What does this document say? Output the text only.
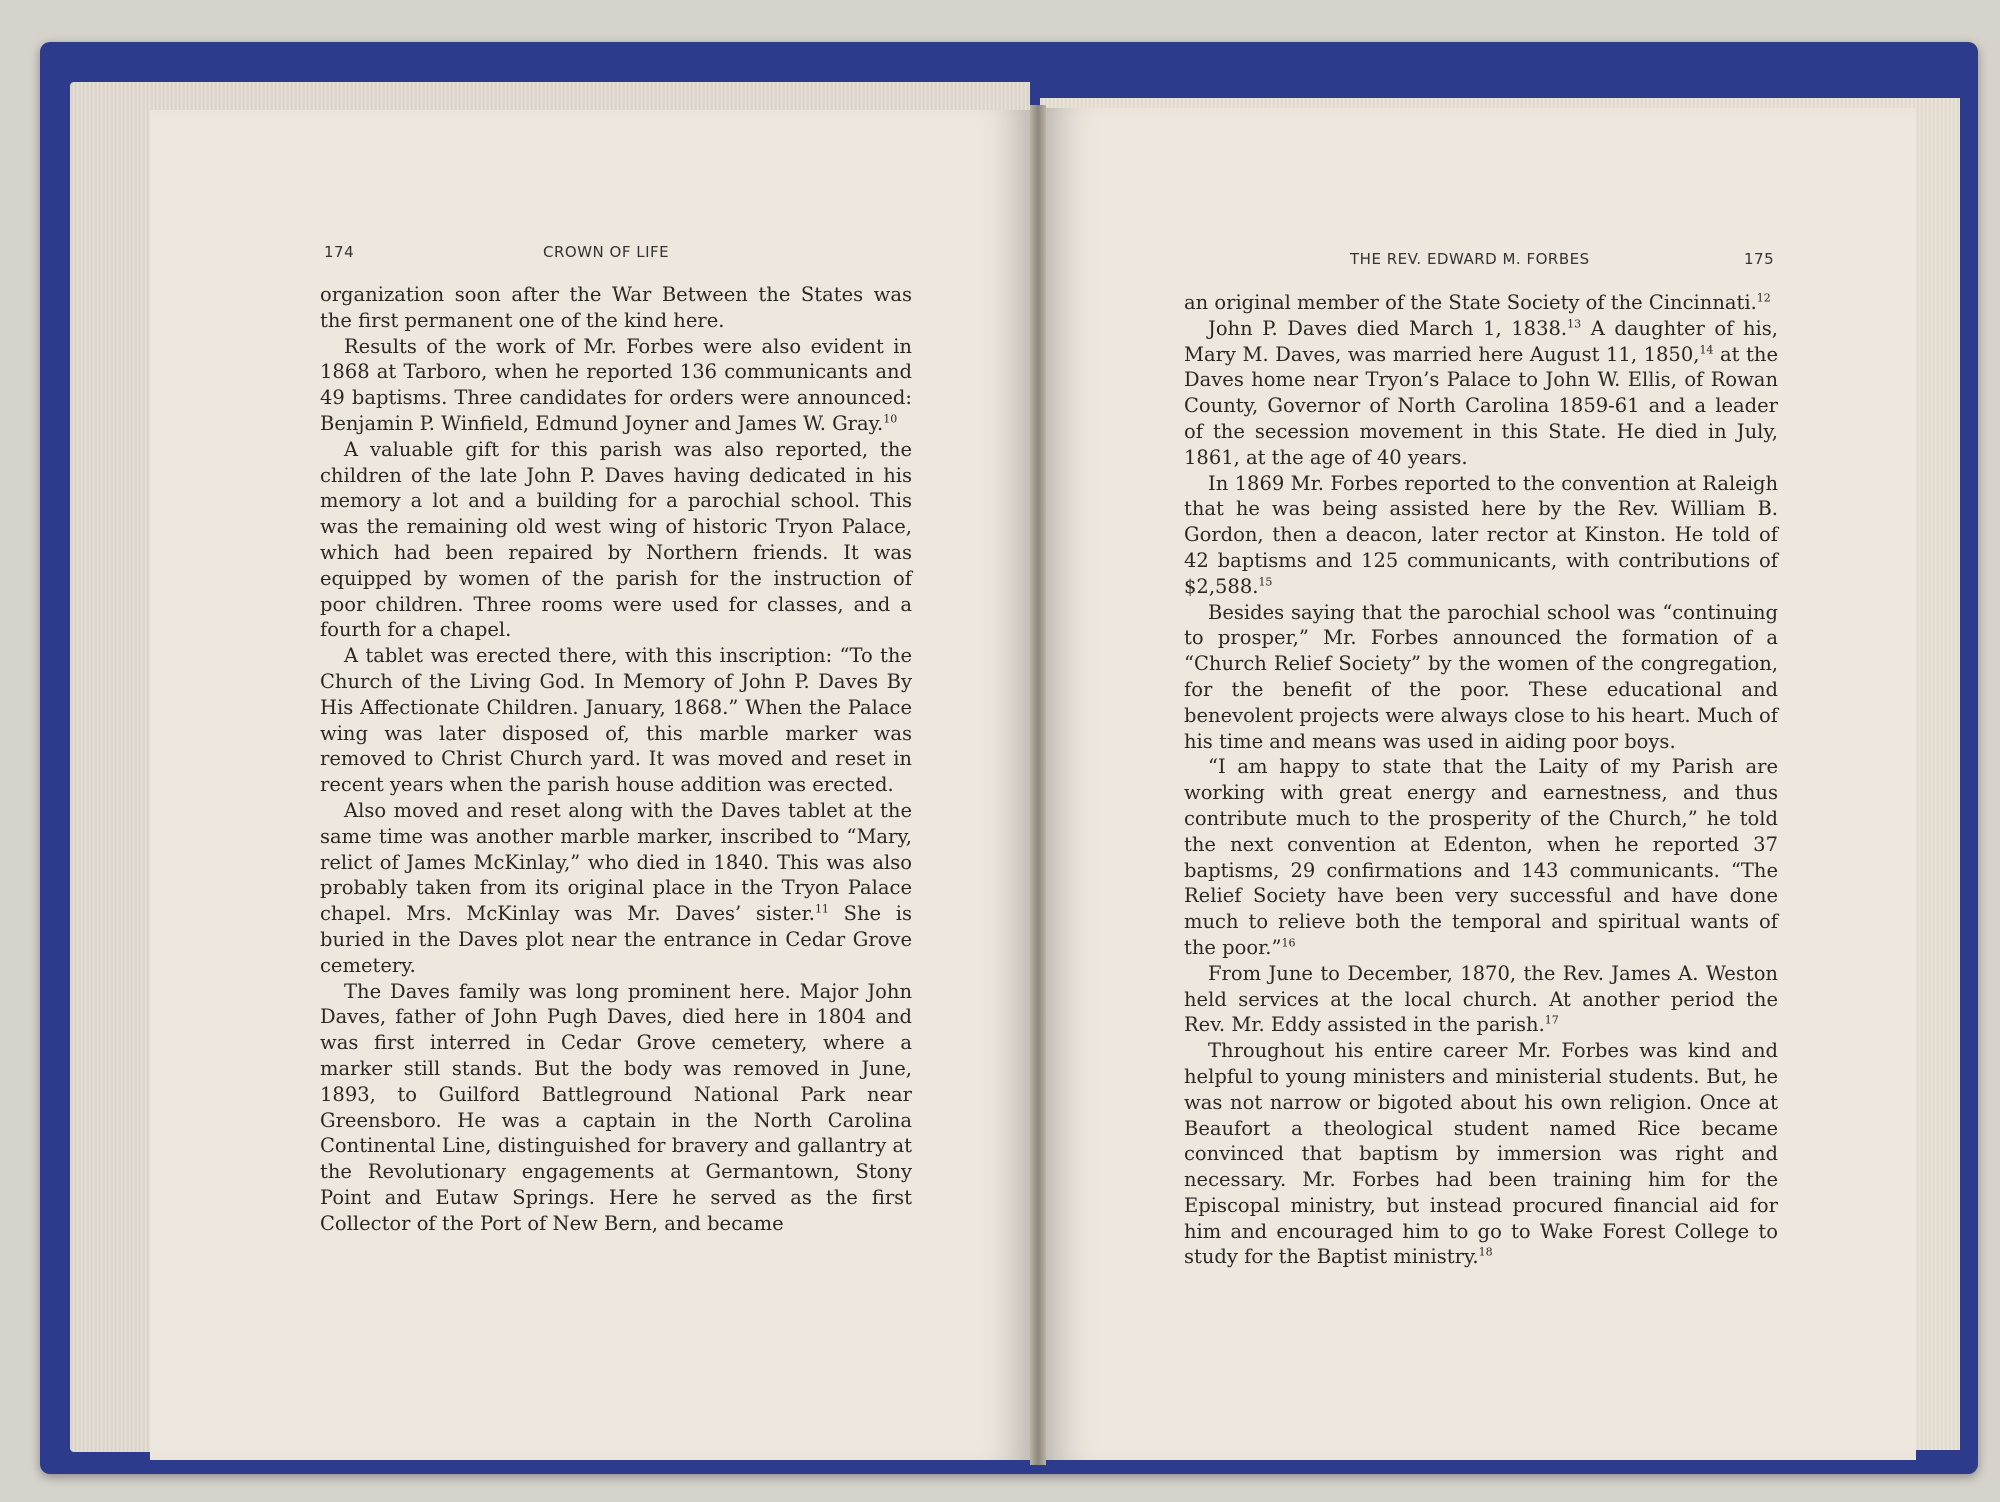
174	CROWN OF LIFE

organization soon after the War Between the States was the first permanent one of the kind here.

Results of the work of Mr. Forbes were also evident in 1868 at Tarboro, when he reported 136 communicants and 49 baptisms. Three candidates for orders were announced: Benjamin P. Winfield, Edmund Joyner and James W. Gray.$^{10}$

A valuable gift for this parish was also reported, the children of the late John P. Daves having dedicated in his memory a lot and a building for a parochial school. This was the remaining old west wing of historic Tryon Palace, which had been repaired by Northern friends. It was equipped by women of the parish for the instruction of poor children. Three rooms were used for classes, and a fourth for a chapel.

A tablet was erected there, with this inscription: “To the Church of the Living God. In Memory of John P. Daves By His Affectionate Children. January, 1868.” When the Palace wing was later disposed of, this marble marker was removed to Christ Church yard. It was moved and reset in recent years when the parish house addition was erected.

Also moved and reset along with the Daves tablet at the same time was another marble marker, inscribed to “Mary, relict of James McKinlay,” who died in 1840. This was also probably taken from its original place in the Tryon Palace chapel. Mrs. McKinlay was Mr. Daves’ sister.$^{11}$ She is buried in the Daves plot near the entrance in Cedar Grove cemetery.

The Daves family was long prominent here. Major John Daves, father of John Pugh Daves, died here in 1804 and was first interred in Cedar Grove cemetery, where a marker still stands. But the body was removed in June, 1893, to Guilford Battleground National Park near Greensboro. He was a captain in the North Carolina Continental Line, distinguished for bravery and gallantry at the Revolutionary engagements at Germantown, Stony Point and Eutaw Springs. Here he served as the first Collector of the Port of New Bern, and became

THE REV. EDWARD M. FORBES	175

an original member of the State Society of the Cincinnati.$^{12}$

John P. Daves died March 1, 1838.13 A daughter of his, Mary M. Daves, was married here August 11, 1850,14 at the Daves home near Tryon’s Palace to John W. Ellis, of Rowan County, Governor of North Carolina 1859-61 and a leader of the secession movement in this State. He died in July, 1861, at the age of 40 years.

In 1869 Mr. Forbes reported to the convention at Raleigh that he was being assisted here by the Rev. William B. Gordon, then a deacon, later rector at Kinston. He told of 42 baptisms and 125 communicants, with contributions of $2,588.15

Besides saying that the parochial school was “continuing to prosper,” Mr. Forbes announced the formation of a “Church Relief Society” by the women of the congregation, for the benefit of the poor. These educational and benevolent projects were always close to his heart. Much of his time and means was used in aiding poor boys.

“I am happy to state that the Laity of my Parish are working with great energy and earnestness, and thus contribute much to the prosperity of the Church,” he told the next convention at Edenton, when he reported 37 baptisms, 29 confirmations and 143 communicants. “The Relief Society have been very successful and have done much to relieve both the temporal and spiritual wants of the poor.”$^{16}$

From June to December, 1870, the Rev. James A. Weston held services at the local church. At another period the Rev. Mr. Eddy assisted in the parish.$^{17}$

Throughout his entire career Mr. Forbes was kind and helpful to young ministers and ministerial students. But, he was not narrow or bigoted about his own religion. Once at Beaufort a theological student named Rice became convinced that baptism by immersion was right and necessary. Mr. Forbes had been training him for the Episcopal ministry, but instead procured financial aid for him and encouraged him to go to Wake Forest College to study for the Baptist ministry.$^{18}$
